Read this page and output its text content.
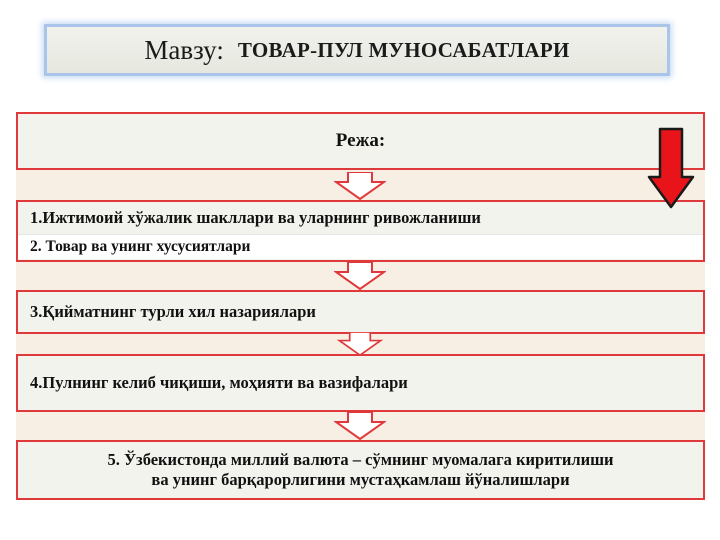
Мавзу: ТОВАР-ПУЛ МУНОСАБАТЛАРИ
Режа:
1.Ижтимоий хўжалик шакллари ва уларнинг ривожланиши
2. Товар ва унинг хусусиятлари
3.Қийматнинг турли хил назариялари
4.Пулнинг келиб чиқиши, моҳияти ва вазифалари
5. Ўзбекистонда миллий валюта – сўмнинг муомалага киритилиши
ва унинг барқарорлигини мустаҳкамлаш йўналишлари
